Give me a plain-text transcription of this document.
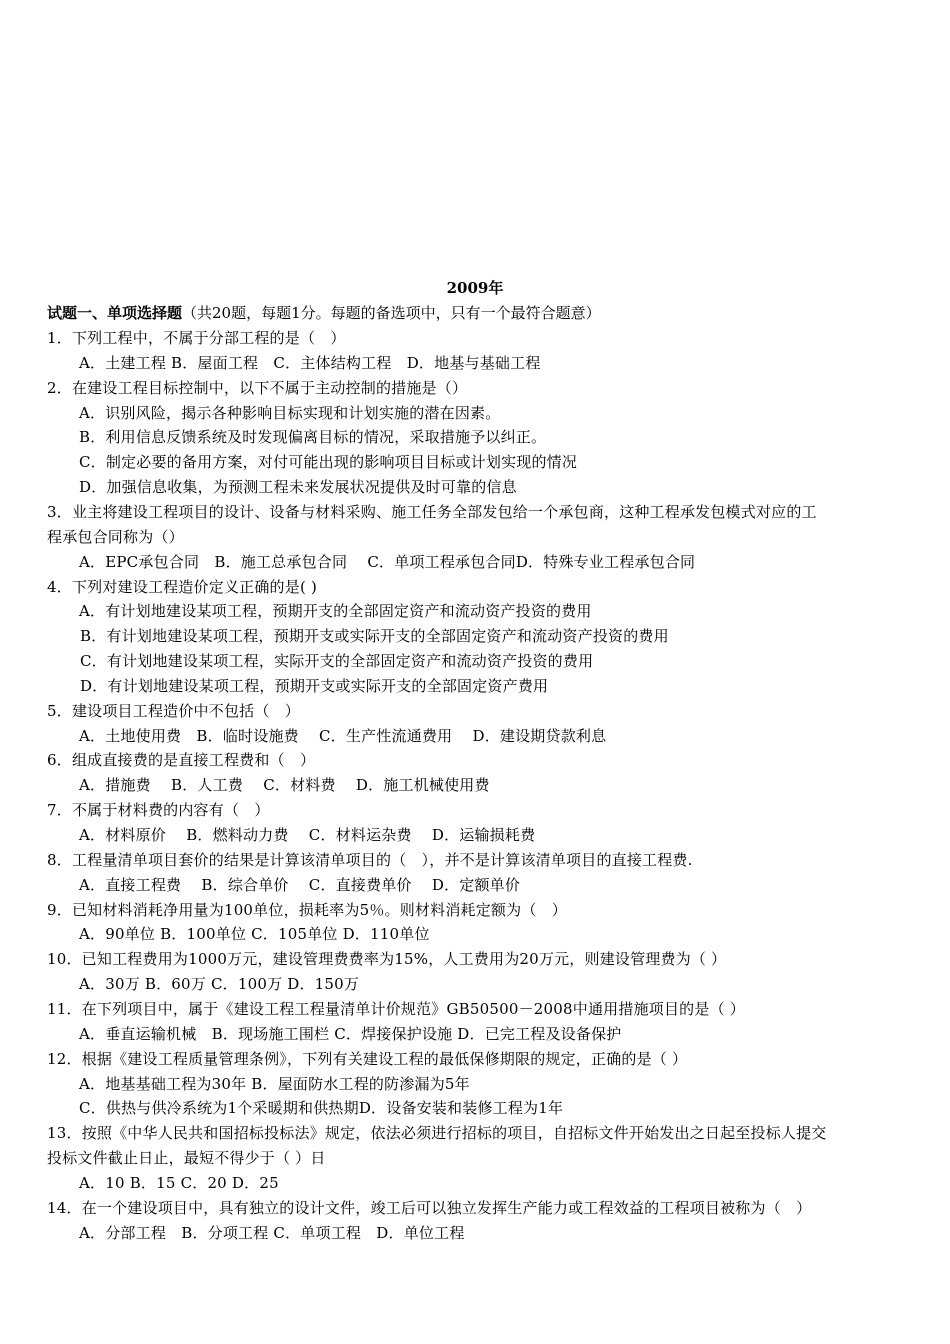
2009年
试题一、单项选择题（共20题，每题1分。每题的备选项中，只有一个最符合题意）
1．下列工程中，不属于分部工程的是（　）
A．土建工程 B．屋面工程　C．主体结构工程　D．地基与基础工程
2．在建设工程目标控制中，以下不属于主动控制的措施是（）
A．识别风险，揭示各种影响目标实现和计划实施的潜在因素。
B．利用信息反馈系统及时发现偏离目标的情况，采取措施予以纠正。
C．制定必要的备用方案，对付可能出现的影响项目目标或计划实现的情况
D．加强信息收集，为预测工程未来发展状况提供及时可靠的信息
3．业主将建设工程项目的设计、设备与材料采购、施工任务全部发包给一个承包商，这种工程承发包模式对应的工
程承包合同称为（）
A．EPC承包合同　B．施工总承包合同　 C．单项工程承包合同D．特殊专业工程承包合同
4．下列对建设工程造价定义正确的是( )
A．有计划地建设某项工程，预期开支的全部固定资产和流动资产投资的费用
B．有计划地建设某项工程，预期开支或实际开支的全部固定资产和流动资产投资的费用
C．有计划地建设某项工程，实际开支的全部固定资产和流动资产投资的费用
D．有计划地建设某项工程，预期开支或实际开支的全部固定资产费用
5．建设项目工程造价中不包括（　）
A．土地使用费　B．临时设施费　 C．生产性流通费用　 D．建设期贷款利息
6．组成直接费的是直接工程费和（　）
A．措施费　 B．人工费　 C．材料费　 D．施工机械使用费
7．不属于材料费的内容有（　）
A．材料原价　 B．燃料动力费　 C．材料运杂费　 D．运输损耗费
8．工程量清单项目套价的结果是计算该清单项目的（　），并不是计算该清单项目的直接工程费.
A．直接工程费　 B．综合单价　 C．直接费单价　 D．定额单价
9．已知材料消耗净用量为100单位，损耗率为5％。则材料消耗定额为（　）
A．90单位 B．100单位 C．105单位 D．110单位
10．已知工程费用为1000万元，建设管理费费率为15%，人工费用为20万元，则建设管理费为（ ）
A．30万 B．60万 C．100万 D．150万
11．在下列项目中，属于《建设工程工程量清单计价规范》GB50500－2008中通用措施项目的是（ ）
A．垂直运输机械　B．现场施工围栏 C．焊接保护设施 D．已完工程及设备保护
12．根据《建设工程质量管理条例》，下列有关建设工程的最低保修期限的规定，正确的是（ ）
A．地基基础工程为30年 B．屋面防水工程的防渗漏为5年
C．供热与供冷系统为1个采暖期和供热期D．设备安装和装修工程为1年
13．按照《中华人民共和国招标投标法》规定，依法必须进行招标的项目，自招标文件开始发出之日起至投标人提交
投标文件截止日止，最短不得少于（ ）日
A．10 B．15 C．20 D．25
14．在一个建设项目中，具有独立的设计文件，竣工后可以独立发挥生产能力或工程效益的工程项目被称为（　）
A．分部工程　B．分项工程 C．单项工程　D．单位工程
